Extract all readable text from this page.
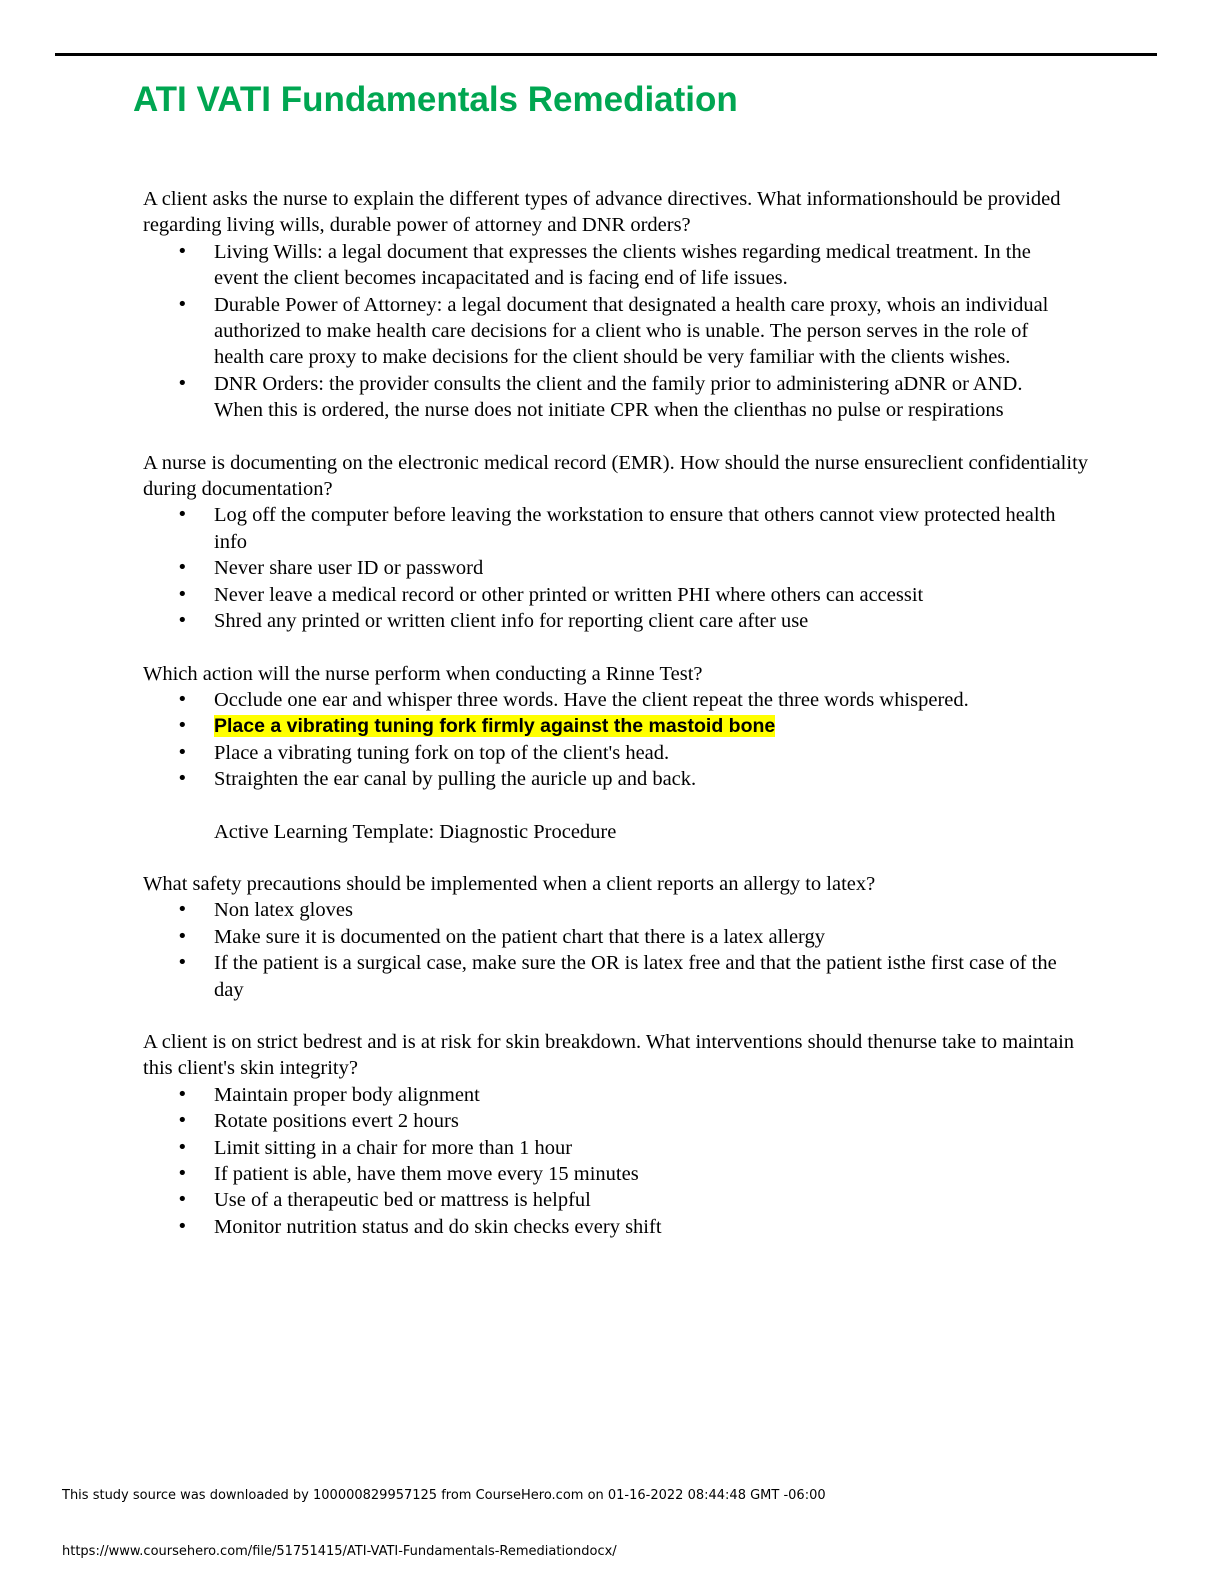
ATI VATI Fundamentals Remediation

A client asks the nurse to explain the different types of advance directives. What informationshould be provided regarding living wills, durable power of attorney and DNR orders?

• Living Wills: a legal document that expresses the clients wishes regarding medical treatment. In the event the client becomes incapacitated and is facing end of life issues.
• Durable Power of Attorney: a legal document that designated a health care proxy, whois an individual authorized to make health care decisions for a client who is unable. The person serves in the role of health care proxy to make decisions for the client should be very familiar with the clients wishes.
• DNR Orders: the provider consults the client and the family prior to administering aDNR or AND. When this is ordered, the nurse does not initiate CPR when the clienthas no pulse or respirations

A nurse is documenting on the electronic medical record (EMR). How should the nurse ensureclient confidentiality during documentation?

• Log off the computer before leaving the workstation to ensure that others cannot view protected health info
• Never share user ID or password
• Never leave a medical record or other printed or written PHI where others can accessit
• Shred any printed or written client info for reporting client care after use

Which action will the nurse perform when conducting a Rinne Test?

• Occlude one ear and whisper three words. Have the client repeat the three words whispered.
• Place a vibrating tuning fork firmly against the mastoid bone
• Place a vibrating tuning fork on top of the client's head.
• Straighten the ear canal by pulling the auricle up and back.

Active Learning Template: Diagnostic Procedure

What safety precautions should be implemented when a client reports an allergy to latex?

• Non latex gloves
• Make sure it is documented on the patient chart that there is a latex allergy
• If the patient is a surgical case, make sure the OR is latex free and that the patient isthe first case of the day

A client is on strict bedrest and is at risk for skin breakdown. What interventions should thenurse take to maintain this client's skin integrity?

• Maintain proper body alignment
• Rotate positions evert 2 hours
• Limit sitting in a chair for more than 1 hour
• If patient is able, have them move every 15 minutes
• Use of a therapeutic bed or mattress is helpful
• Monitor nutrition status and do skin checks every shift
This study source was downloaded by 100000829957125 from CourseHero.com on 01-16-2022 08:44:48 GMT -06:00
https://www.coursehero.com/file/51751415/ATI-VATI-Fundamentals-Remediationdocx/
